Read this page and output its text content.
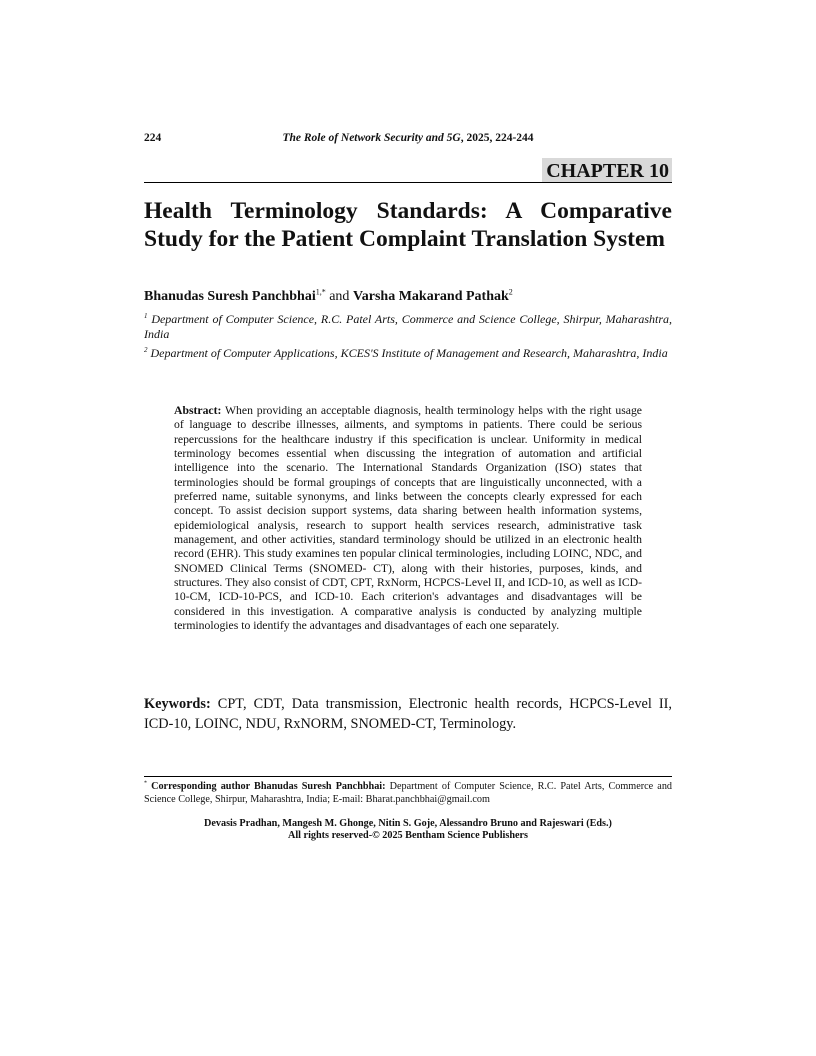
224	The Role of Network Security and 5G, 2025, 224-244
CHAPTER 10
Health Terminology Standards: A Comparative Study for the Patient Complaint Translation System
Bhanudas Suresh Panchbhai$^{1,*}$ and Varsha Makarand Pathak$^2$
$^1$ Department of Computer Science, R.C. Patel Arts, Commerce and Science College, Shirpur, Maharashtra, India
$^2$ Department of Computer Applications, KCES'S Institute of Management and Research, Maharashtra, India
Abstract: When providing an acceptable diagnosis, health terminology helps with the right usage of language to describe illnesses, ailments, and symptoms in patients. There could be serious repercussions for the healthcare industry if this specification is unclear. Uniformity in medical terminology becomes essential when discussing the integration of automation and artificial intelligence into the scenario. The International Standards Organization (ISO) states that terminologies should be formal groupings of concepts that are linguistically unconnected, with a preferred name, suitable synonyms, and links between the concepts clearly expressed for each concept. To assist decision support systems, data sharing between health information systems, epidemiological analysis, research to support health services research, administrative task management, and other activities, standard terminology should be utilized in an electronic health record (EHR). This study examines ten popular clinical terminologies, including LOINC, NDC, and SNOMED Clinical Terms (SNOMED- CT), along with their histories, purposes, kinds, and structures. They also consist of CDT, CPT, RxNorm, HCPCS-Level II, and ICD-10, as well as ICD-10-CM, ICD-10-PCS, and ICD-10. Each criterion's advantages and disadvantages will be considered in this investigation. A comparative analysis is conducted by analyzing multiple terminologies to identify the advantages and disadvantages of each one separately.
Keywords: CPT, CDT, Data transmission, Electronic health records, HCPCS-Level II, ICD-10, LOINC, NDU, RxNORM, SNOMED-CT, Terminology.
* Corresponding author Bhanudas Suresh Panchbhai: Department of Computer Science, R.C. Patel Arts, Commerce and Science College, Shirpur, Maharashtra, India; E-mail: Bharat.panchbhai@gmail.com
Devasis Pradhan, Mangesh M. Ghonge, Nitin S. Goje, Alessandro Bruno and Rajeswari (Eds.)
All rights reserved-© 2025 Bentham Science Publishers
